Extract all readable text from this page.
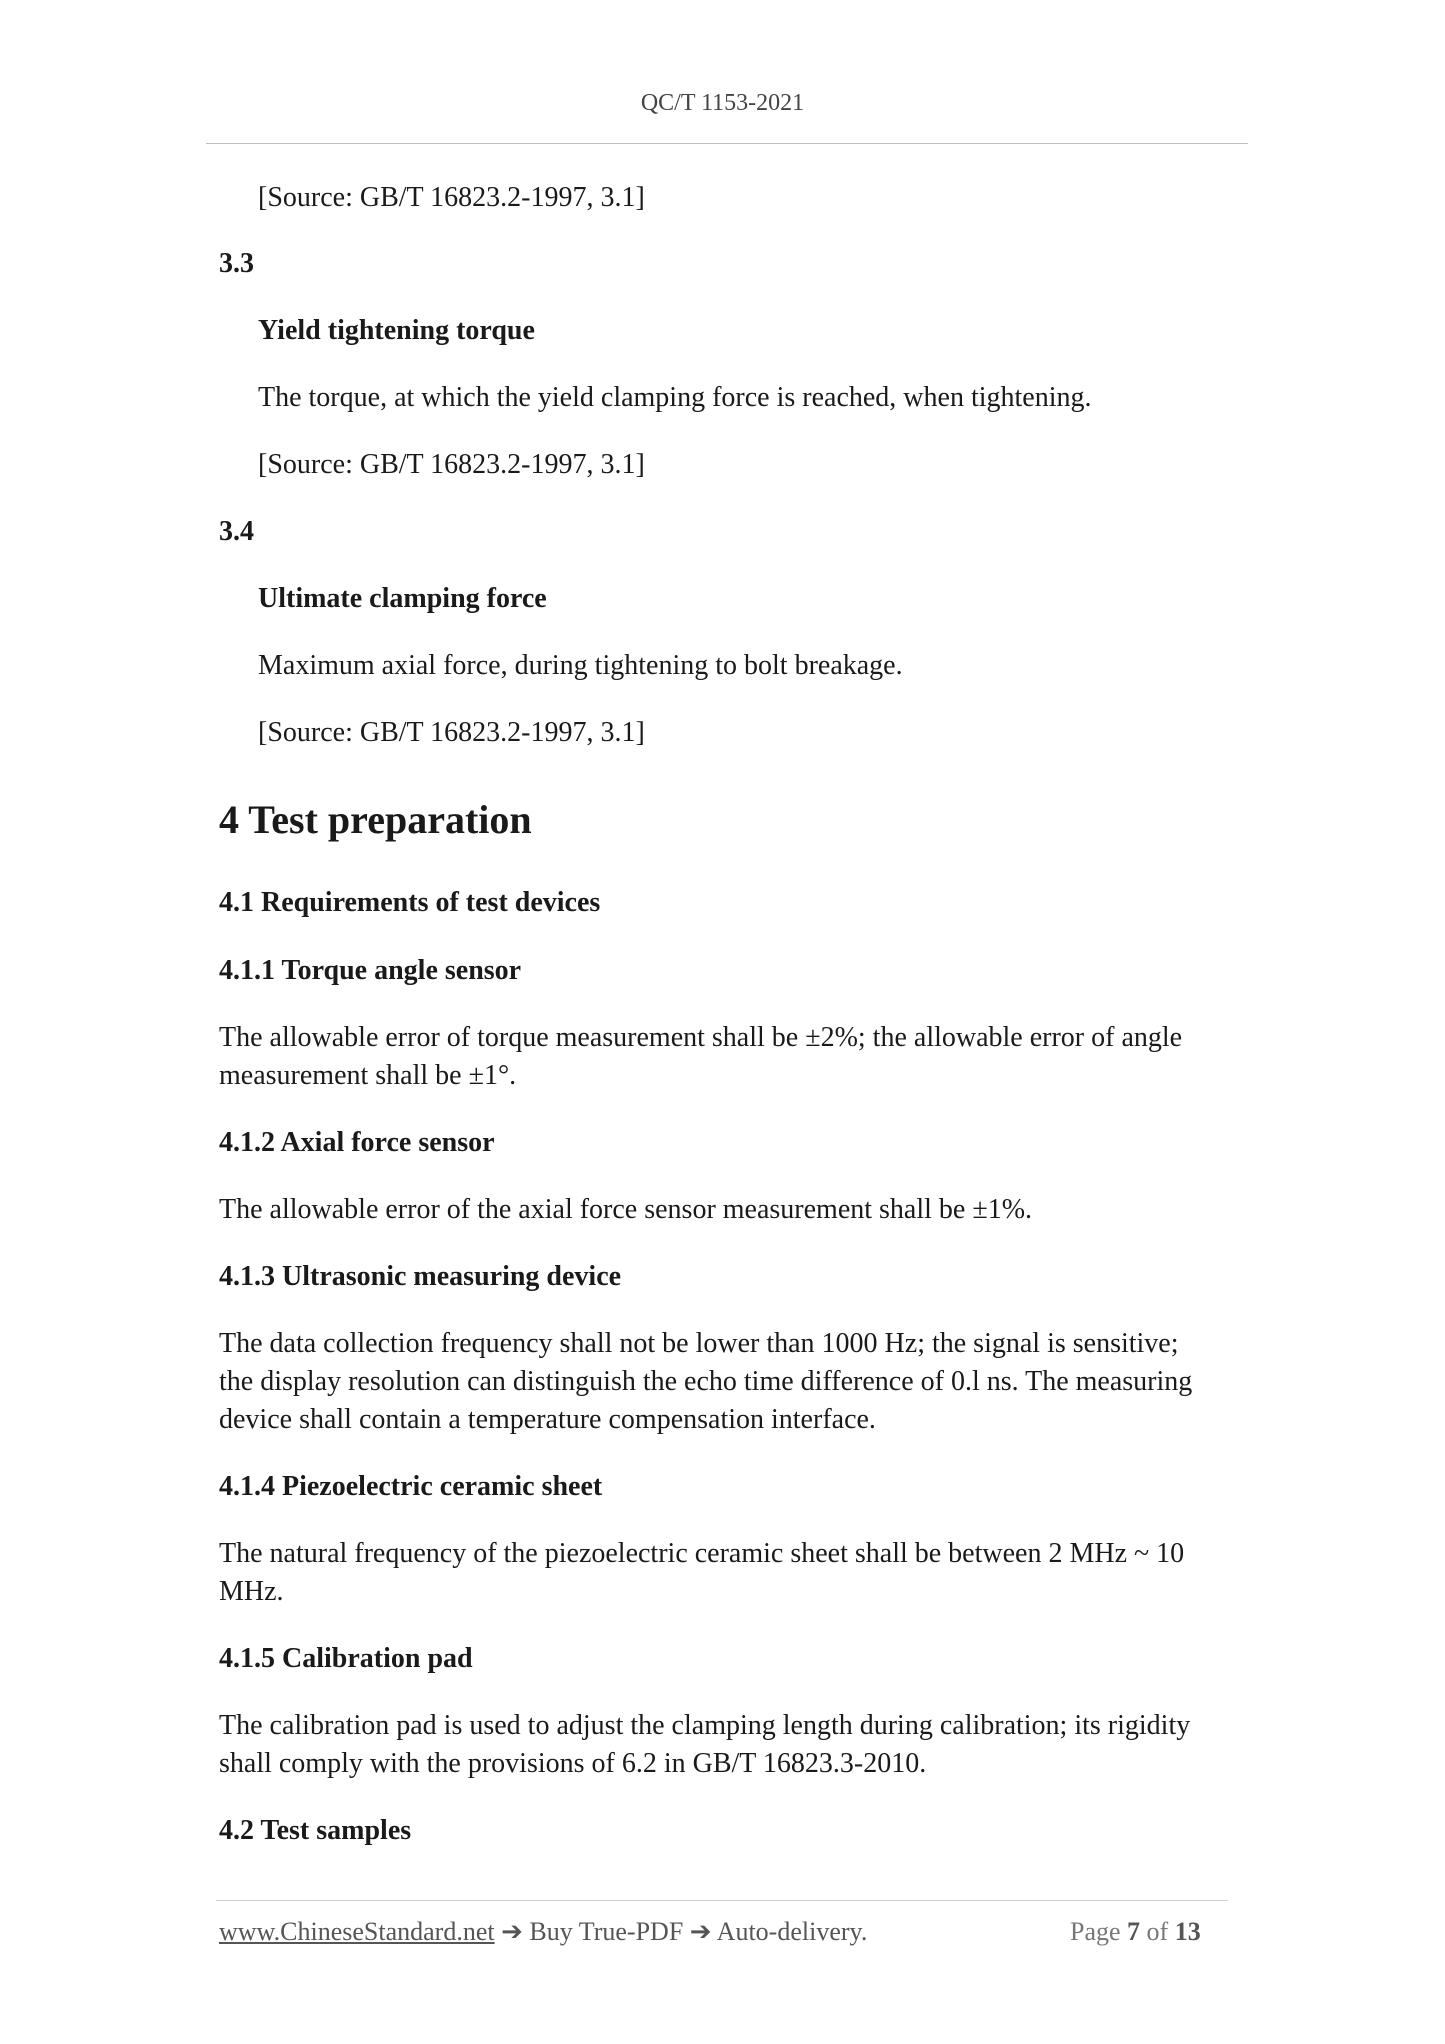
QC/T 1153-2021

[Source: GB/T 16823.2-1997, 3.1]

3.3

Yield tightening torque

The torque, at which the yield clamping force is reached, when tightening.

[Source: GB/T 16823.2-1997, 3.1]

3.4

Ultimate clamping force

Maximum axial force, during tightening to bolt breakage.

[Source: GB/T 16823.2-1997, 3.1]

4 Test preparation

4.1 Requirements of test devices

4.1.1 Torque angle sensor

The allowable error of torque measurement shall be ±2%; the allowable error of angle

measurement shall be ±1°.

4.1.2 Axial force sensor

The allowable error of the axial force sensor measurement shall be ±1%.

4.1.3 Ultrasonic measuring device

The data collection frequency shall not be lower than 1000 Hz; the signal is sensitive;

the display resolution can distinguish the echo time difference of 0.l ns. The measuring

device shall contain a temperature compensation interface.

4.1.4 Piezoelectric ceramic sheet

The natural frequency of the piezoelectric ceramic sheet shall be between 2 MHz ~ 10

MHz.

4.1.5 Calibration pad

The calibration pad is used to adjust the clamping length during calibration; its rigidity

shall comply with the provisions of 6.2 in GB/T 16823.3-2010.

4.2 Test samples

www.ChineseStandard.net ➔ Buy True-PDF ➔ Auto-delivery.	Page 7 of 13
